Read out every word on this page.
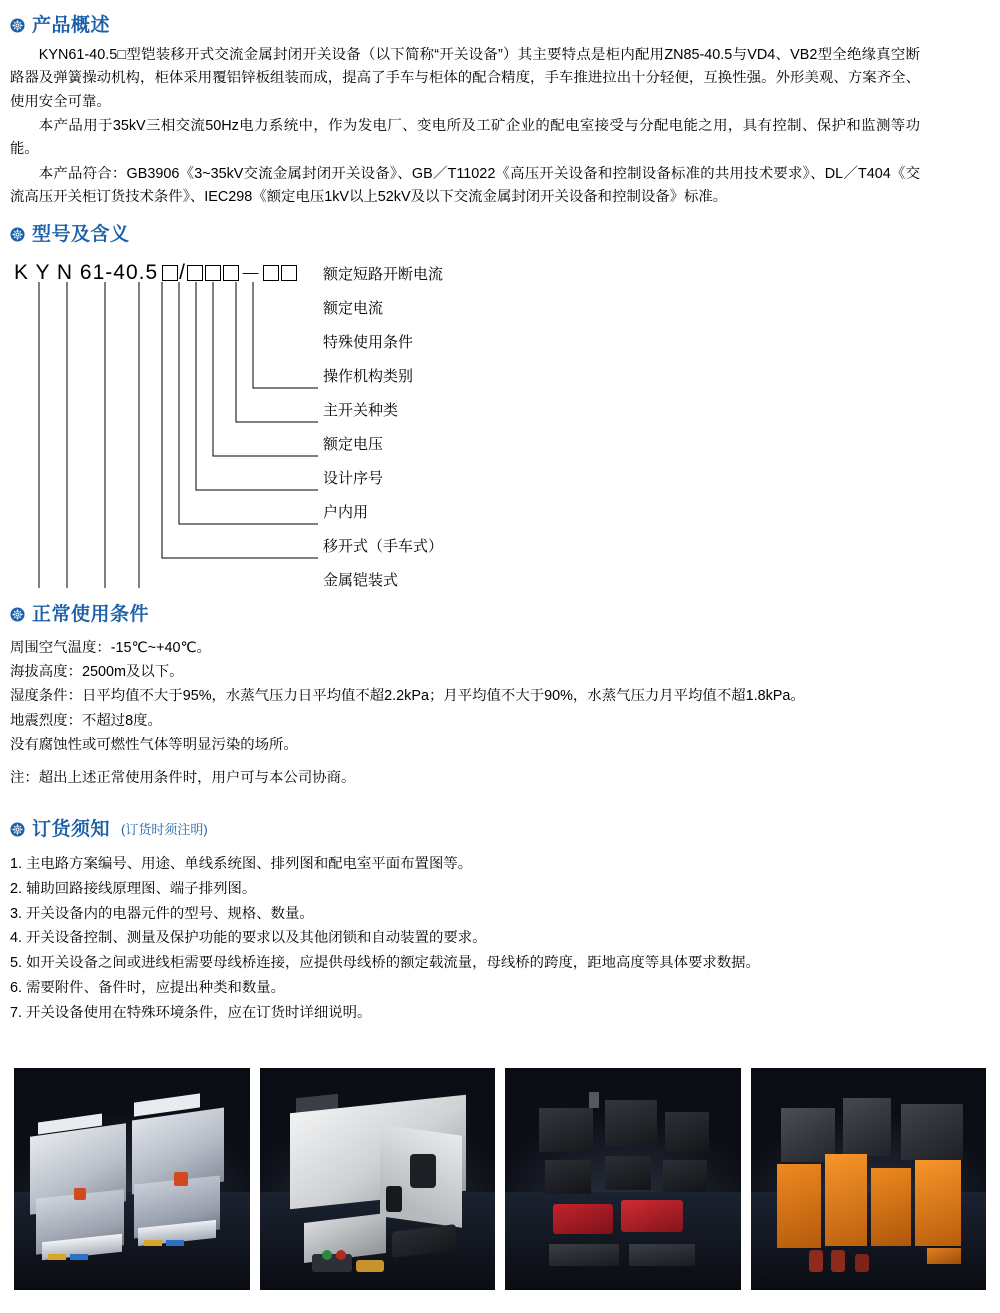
产品概述

KYN61-40.5□型铠装移开式交流金属封闭开关设备（以下简称“开关设备”）其主要特点是柜内配用ZN85-40.5与VD4、VB2型全绝缘真空断路器及弹簧操动机构，柜体采用覆铝锌板组装而成，提高了手车与柜体的配合精度，手车推进拉出十分轻便，互换性强。外形美观、方案齐全、使用安全可靠。

本产品用于35kV三相交流50Hz电力系统中，作为发电厂、变电所及工矿企业的配电室接受与分配电能之用，具有控制、保护和监测等功能。

本产品符合：GB3906《3~35kV交流金属封闭开关设备》、GB／T11022《高压开关设备和控制设备标准的共用技术要求》、DL／T404《交流高压开关柜订货技术条件》、IEC298《额定电压1kV以上52kV及以下交流金属封闭开关设备和控制设备》标准。

型号及含义
K Y N 61-40.5 /	－	额定短路开断电流
额定电流
特殊使用条件
操作机构类别
主开关种类
额定电压
设计序号
户内用
移开式（手车式）
金属铠装式
正常使用条件
周围空气温度：-15℃~+40℃。
海拔高度：2500m及以下。
湿度条件：日平均值不大于95%，水蒸气压力日平均值不超2.2kPa；月平均值不大于90%，水蒸气压力月平均值不超1.8kPa。
地震烈度：不超过8度。
没有腐蚀性或可燃性气体等明显污染的场所。
注：超出上述正常使用条件时，用户可与本公司协商。
订货须知 (订货时须注明)
1. 主电路方案编号、用途、单线系统图、排列图和配电室平面布置图等。
2. 辅助回路接线原理图、端子排列图。
3. 开关设备内的电器元件的型号、规格、数量。
4. 开关设备控制、测量及保护功能的要求以及其他闭锁和自动装置的要求。
5. 如开关设备之间或进线柜需要母线桥连接，应提供母线桥的额定载流量，母线桥的跨度，距地高度等具体要求数据。
6. 需要附件、备件时，应提出种类和数量。
7. 开关设备使用在特殊环境条件，应在订货时详细说明。
